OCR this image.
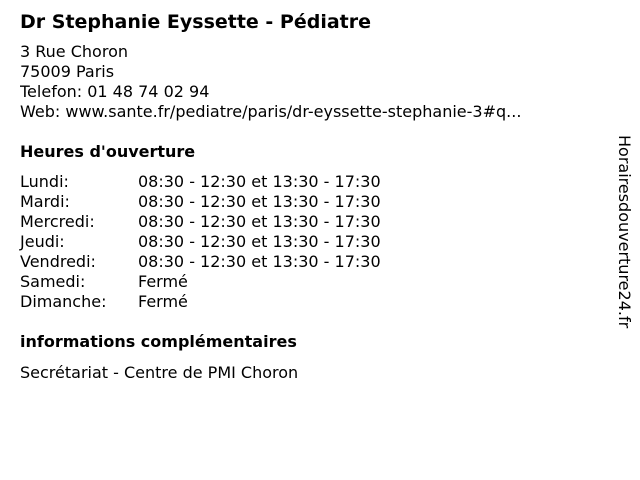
Dr Stephanie Eyssette - Pédiatre
3 Rue Choron
75009 Paris
Telefon: 01 48 74 02 94
Web: www.sante.fr/pediatre/paris/dr-eyssette-stephanie-3#q...
Heures d'ouverture
Lundi:	08:30 - 12:30 et 13:30 - 17:30
Mardi:	08:30 - 12:30 et 13:30 - 17:30
Mercredi:	08:30 - 12:30 et 13:30 - 17:30
Jeudi:	08:30 - 12:30 et 13:30 - 17:30
Vendredi:	08:30 - 12:30 et 13:30 - 17:30
Samedi:	Fermé
Dimanche:	Fermé
informations complémentaires
Secrétariat - Centre de PMI Choron
Horairesdouverture24.fr
